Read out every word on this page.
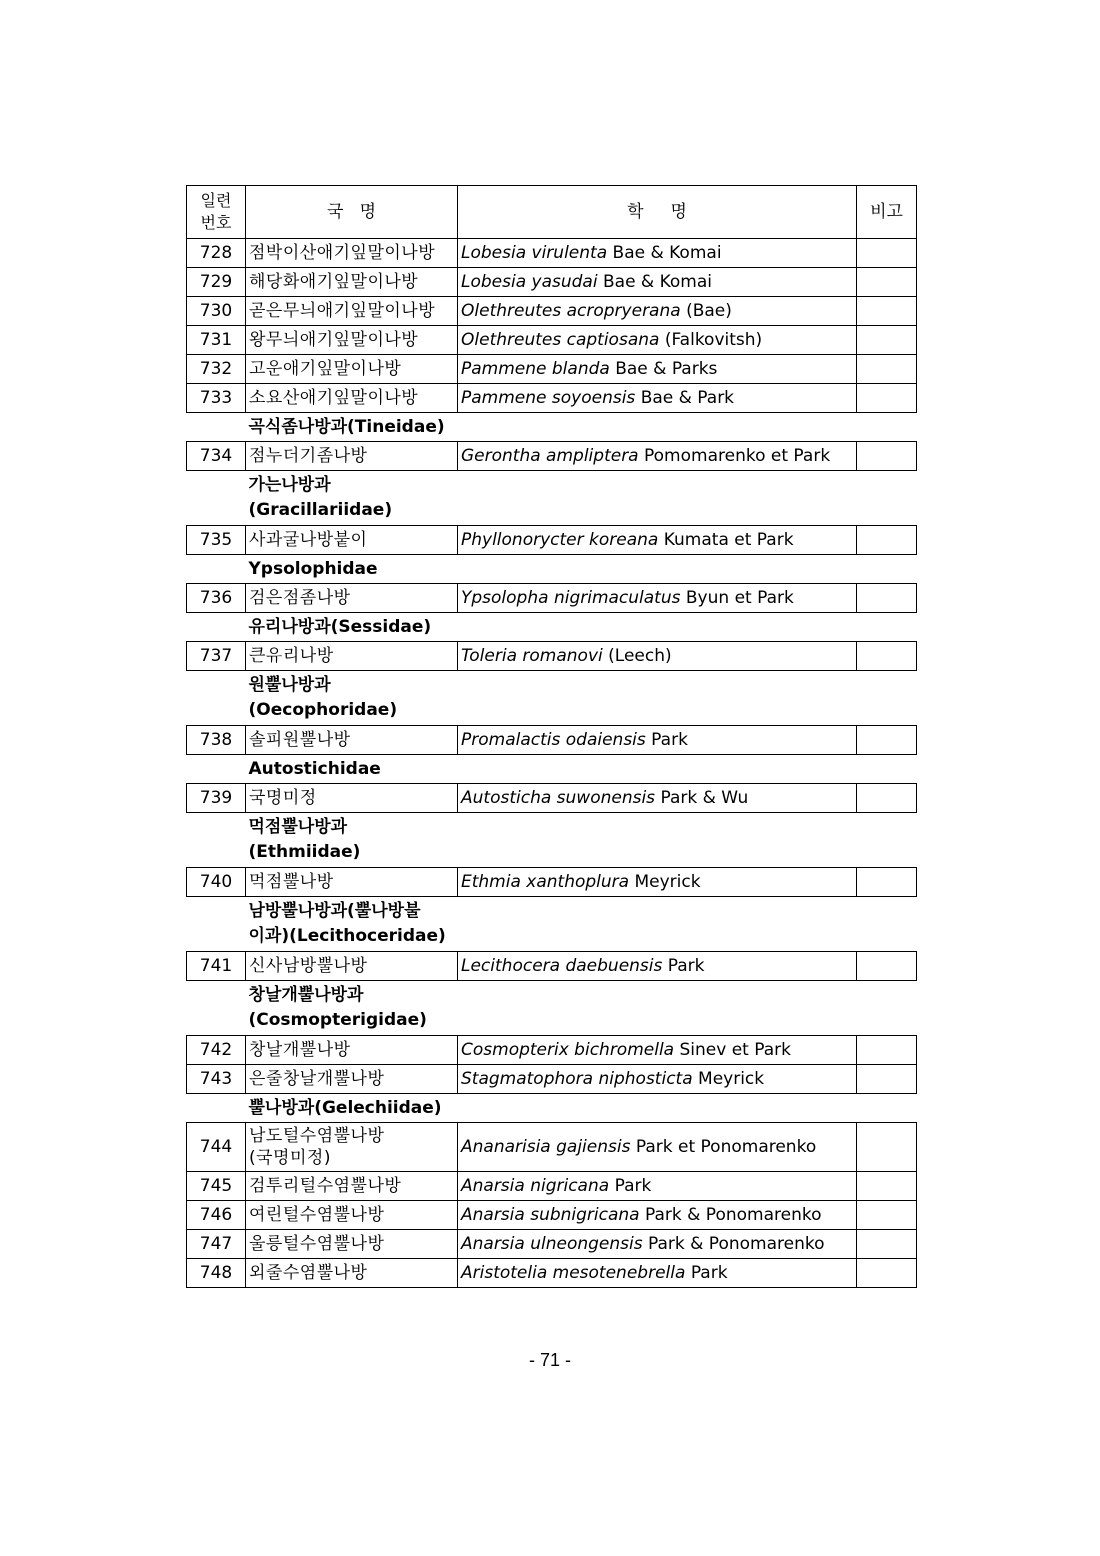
일련
번호	국   명	학     명	비고
728	점박이산애기잎말이나방	Lobesia virulenta Bae & Komai	
729	해당화애기잎말이나방	Lobesia yasudai Bae & Komai	
730	곧은무늬애기잎말이나방	Olethreutes acropryerana (Bae)	
731	왕무늬애기잎말이나방	Olethreutes captiosana (Falkovitsh)	
732	고운애기잎말이나방	Pammene blanda Bae & Parks	
733	소요산애기잎말이나방	Pammene soyoensis Bae & Park	
	곡식좀나방과(Tineidae)		
734	점누더기좀나방	Gerontha ampliptera Pomomarenko et Park	
	가는나방과
(Gracillariidae)		
735	사과굴나방붙이	Phyllonorycter koreana Kumata et Park	
	Ypsolophidae		
736	검은점좀나방	Ypsolopha nigrimaculatus Byun et Park	
	유리나방과(Sessidae)		
737	큰유리나방	Toleria romanovi (Leech)	
	원뿔나방과
(Oecophoridae)		
738	솔피원뿔나방	Promalactis odaiensis Park	
	Autostichidae		
739	국명미정	Autosticha suwonensis Park & Wu	
	먹점뿔나방과
(Ethmiidae)		
740	먹점뿔나방	Ethmia xanthoplura Meyrick	
	남방뿔나방과(뿔나방불
이과)(Lecithoceridae)		
741	신사남방뿔나방	Lecithocera daebuensis Park	
	창날개뿔나방과
(Cosmopterigidae)		
742	창날개뿔나방	Cosmopterix bichromella Sinev et Park	
743	은줄창날개뿔나방	Stagmatophora niphosticta Meyrick	
	뿔나방과(Gelechiidae)		
744	남도털수염뿔나방
(국명미정)	Ananarisia gajiensis Park et Ponomarenko	
745	검투리털수염뿔나방	Anarsia nigricana Park	
746	여린털수염뿔나방	Anarsia subnigricana Park & Ponomarenko	
747	울릉털수염뿔나방	Anarsia ulneongensis Park & Ponomarenko	
748	외줄수염뿔나방	Aristotelia mesotenebrella Park	
- 71 -
